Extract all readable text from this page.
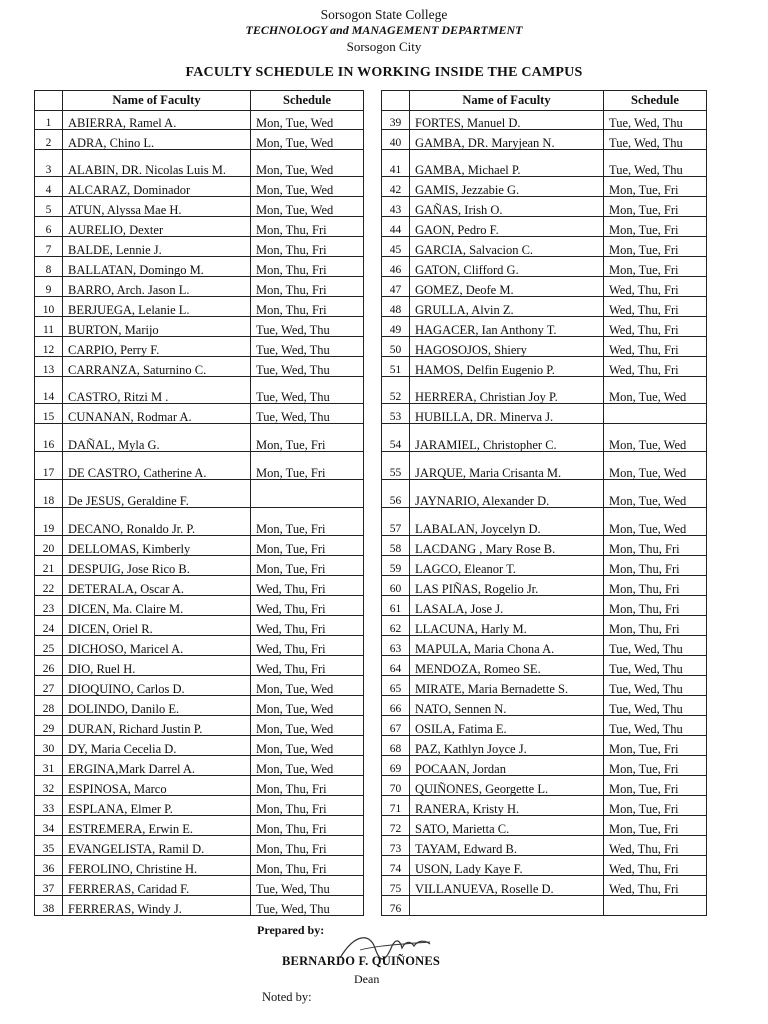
Sorsogon State College
TECHNOLOGY and MANAGEMENT DEPARTMENT
Sorsogon City
FACULTY SCHEDULE IN WORKING INSIDE THE CAMPUS
	Name of Faculty	Schedule
1	ABIERRA, Ramel A.	Mon, Tue, Wed
2	ADRA, Chino L.	Mon, Tue, Wed
3	ALABIN, DR. Nicolas Luis M.	Mon, Tue, Wed
4	ALCARAZ, Dominador	Mon, Tue, Wed
5	ATUN, Alyssa Mae H.	Mon, Tue, Wed
6	AURELIO, Dexter	Mon, Thu, Fri
7	BALDE, Lennie J.	Mon, Thu, Fri
8	BALLATAN, Domingo M.	Mon, Thu, Fri
9	BARRO, Arch. Jason L.	Mon, Thu, Fri
10	BERJUEGA, Lelanie L.	Mon, Thu, Fri
11	BURTON, Marijo	Tue, Wed, Thu
12	CARPIO, Perry F.	Tue, Wed, Thu
13	CARRANZA, Saturnino C.	Tue, Wed, Thu
14	CASTRO, Ritzi M .	Tue, Wed, Thu
15	CUNANAN, Rodmar A.	Tue, Wed, Thu
16	DAÑAL, Myla G.	Mon, Tue, Fri
17	DE CASTRO, Catherine A.	Mon, Tue, Fri
18	De JESUS, Geraldine F.	
19	DECANO, Ronaldo Jr. P.	Mon, Tue, Fri
20	DELLOMAS, Kimberly	Mon, Tue, Fri
21	DESPUIG, Jose Rico B.	Mon, Tue, Fri
22	DETERALA, Oscar A.	Wed, Thu, Fri
23	DICEN, Ma. Claire M.	Wed, Thu, Fri
24	DICEN, Oriel R.	Wed, Thu, Fri
25	DICHOSO, Maricel A.	Wed, Thu, Fri
26	DIO, Ruel H.	Wed, Thu, Fri
27	DIOQUINO, Carlos D.	Mon, Tue, Wed
28	DOLINDO, Danilo E.	Mon, Tue, Wed
29	DURAN, Richard Justin P.	Mon, Tue, Wed
30	DY, Maria Cecelia D.	Mon, Tue, Wed
31	ERGINA,Mark Darrel A.	Mon, Tue, Wed
32	ESPINOSA, Marco	Mon, Thu, Fri
33	ESPLANA, Elmer P.	Mon, Thu, Fri
34	ESTREMERA, Erwin E.	Mon, Thu, Fri
35	EVANGELISTA, Ramil D.	Mon, Thu, Fri
36	FEROLINO, Christine H.	Mon, Thu, Fri
37	FERRERAS, Caridad F.	Tue, Wed, Thu
38	FERRERAS, Windy J.	Tue, Wed, Thu
	Name of Faculty	Schedule
39	FORTES, Manuel D.	Tue, Wed, Thu
40	GAMBA, DR. Maryjean N.	Tue, Wed, Thu
41	GAMBA, Michael P.	Tue, Wed, Thu
42	GAMIS, Jezzabie G.	Mon, Tue, Fri
43	GAÑAS, Irish O.	Mon, Tue, Fri
44	GAON, Pedro F.	Mon, Tue, Fri
45	GARCIA, Salvacion C.	Mon, Tue, Fri
46	GATON, Clifford G.	Mon, Tue, Fri
47	GOMEZ, Deofe M.	Wed, Thu, Fri
48	GRULLA, Alvin Z.	Wed, Thu, Fri
49	HAGACER, Ian Anthony T.	Wed, Thu, Fri
50	HAGOSOJOS, Shiery	Wed, Thu, Fri
51	HAMOS, Delfin Eugenio P.	Wed, Thu, Fri
52	HERRERA, Christian Joy P.	Mon, Tue, Wed
53	HUBILLA, DR. Minerva J.	
54	JARAMIEL, Christopher C.	Mon, Tue, Wed
55	JARQUE, Maria Crisanta M.	Mon, Tue, Wed
56	JAYNARIO, Alexander D.	Mon, Tue, Wed
57	LABALAN, Joycelyn D.	Mon, Tue, Wed
58	LACDANG , Mary Rose B.	Mon, Thu, Fri
59	LAGCO, Eleanor T.	Mon, Thu, Fri
60	LAS PIÑAS, Rogelio Jr.	Mon, Thu, Fri
61	LASALA, Jose J.	Mon, Thu, Fri
62	LLACUNA, Harly M.	Mon, Thu, Fri
63	MAPULA, Maria Chona A.	Tue, Wed, Thu
64	MENDOZA, Romeo SE.	Tue, Wed, Thu
65	MIRATE, Maria Bernadette S.	Tue, Wed, Thu
66	NATO, Sennen N.	Tue, Wed, Thu
67	OSILA, Fatima E.	Tue, Wed, Thu
68	PAZ, Kathlyn Joyce J.	Mon, Tue, Fri
69	POCAAN, Jordan	Mon, Tue, Fri
70	QUIÑONES, Georgette L.	Mon, Tue, Fri
71	RANERA, Kristy H.	Mon, Tue, Fri
72	SATO, Marietta C.	Mon, Tue, Fri
73	TAYAM, Edward B.	Wed, Thu, Fri
74	USON, Lady Kaye F.	Wed, Thu, Fri
75	VILLANUEVA, Roselle D.	Wed, Thu, Fri
76		
Prepared by:
BERNARDO F. QUIÑONES
Dean
Noted by:
